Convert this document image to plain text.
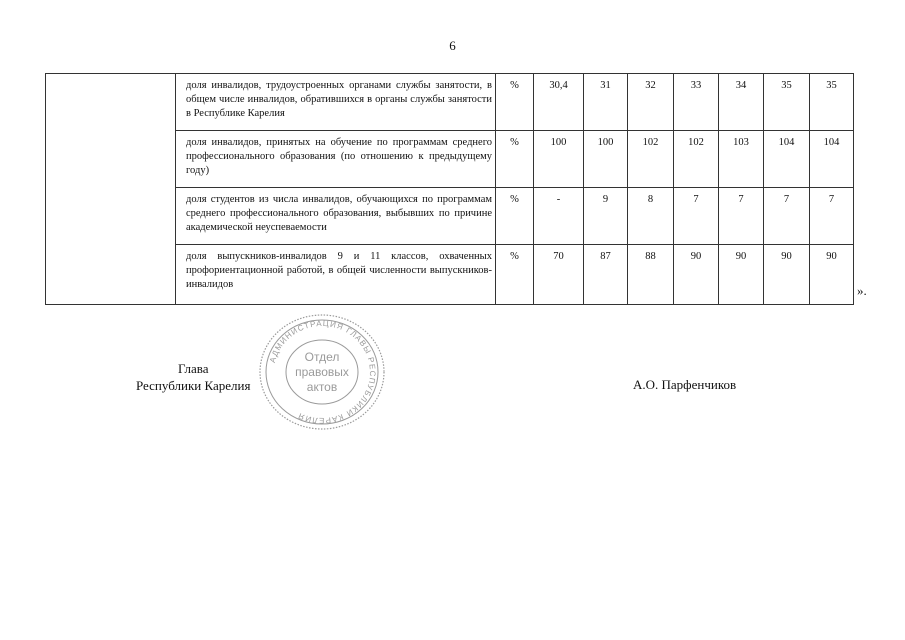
6
	доля инвалидов, трудоустроенных органами службы занятости, в общем числе инвалидов, обратившихся в органы службы занятости в Республике Карелия	%	30,4	31	32	33	34	35	35
	доля инвалидов, принятых на обучение по программам среднего профессионального образования (по отношению к предыдущему году)	%	100	100	102	102	103	104	104
	доля студентов из числа инвалидов, обучающихся по программам среднего профессионального образования, выбывших по причине академической неуспеваемости	%	-	9	8	7	7	7	7
	доля выпускников-инвалидов 9 и 11 классов, охваченных профориентационной работой, в общей численности выпускников-инвалидов	%	70	87	88	90	90	90	90
».
Глава
Республики Карелия
АДМИНИСТРАЦИЯ ГЛАВЫ РЕСПУБЛИКИ КАРЕЛИЯ
Отдел
правовых
актов	А.О. Парфенчиков
